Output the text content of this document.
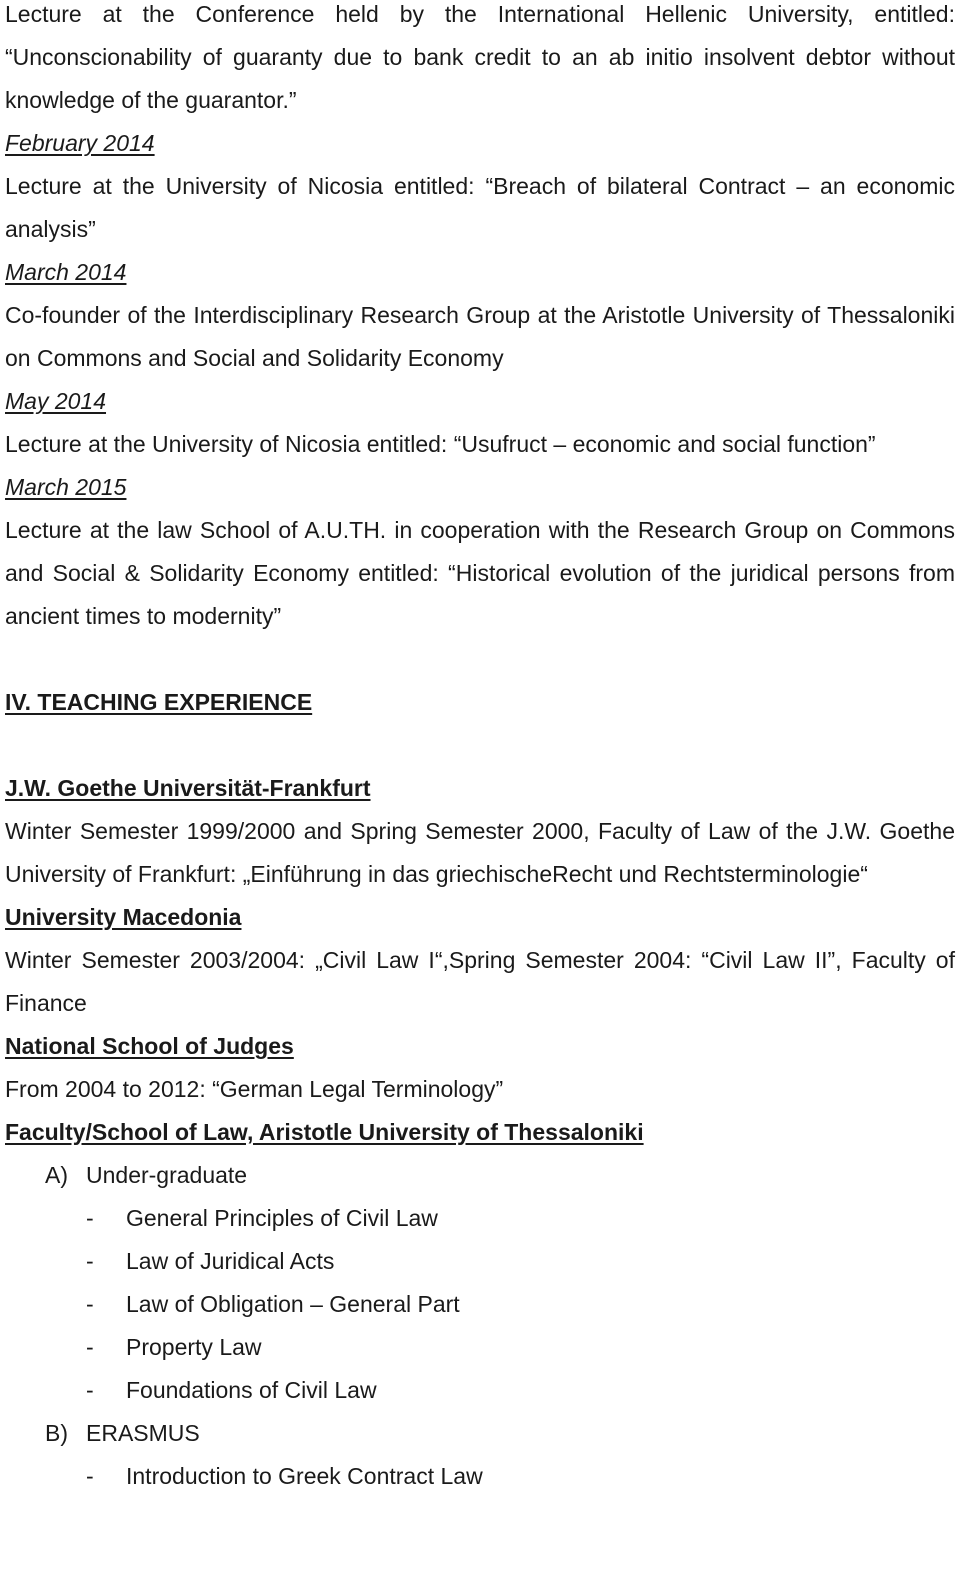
Lecture at the Conference held by the International Hellenic University, entitled: “Unconscionability of guaranty due to bank credit to an ab initio insolvent debtor without knowledge of the guarantor.”

February 2014

Lecture at the University of Nicosia entitled: “Breach of bilateral Contract – an economic analysis”

March 2014

Co-founder of the Interdisciplinary Research Group at the Aristotle University of Thessaloniki on Commons and Social and Solidarity Economy

May 2014

Lecture at the University of Nicosia entitled: “Usufruct – economic and social function”

March 2015

Lecture at the law School of A.U.TH. in cooperation with the Research Group on Commons and Social & Solidarity Economy entitled: “Historical evolution of the juridical persons from ancient times to modernity”

IV. TEACHING EXPERIENCE

J.W. Goethe Universität-Frankfurt

Winter Semester 1999/2000 and Spring Semester 2000, Faculty of Law of the J.W. Goethe University of Frankfurt: „Einführung in das griechischeRecht und Rechtsterminologie“

University Macedonia

Winter Semester 2003/2004: „Civil Law I“,Spring Semester 2004: “Civil Law II”, Faculty of Finance

National School of Judges

From 2004 to 2012: “German Legal Terminology”

Faculty/School of Law, Aristotle University of Thessaloniki

A) Under-graduate
-	General Principles of Civil Law
-	Law of Juridical Acts
-	Law of Obligation – General Part
-	Property Law
-	Foundations of Civil Law
B) ERASMUS
-	Introduction to Greek Contract Law
